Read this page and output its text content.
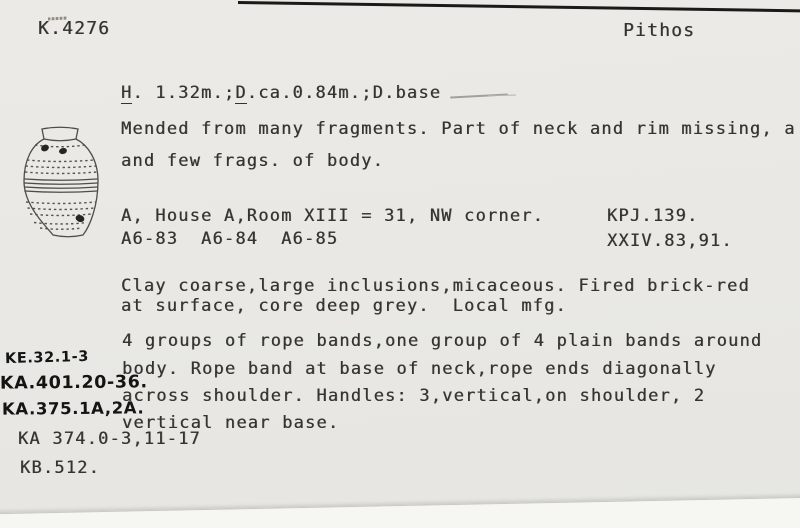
K.4276	Pithos
H. 1.32m.;D.ca.0.84m.;D.base
Mended from many fragments. Part of neck and rim missing, a
and few frags. of body.
A, House A,Room XIII = 31, NW corner.
A6-83  A6-84  A6-85
KPJ.139.
XXIV.83,91.
Clay coarse,large inclusions,micaceous. Fired brick-red
at surface, core deep grey.  Local mfg.
4 groups of rope bands,one group of 4 plain bands around
body. Rope band at base of neck,rope ends diagonally
across shoulder. Handles: 3,vertical,on shoulder, 2
vertical near base.
KE.32.1-3
KA.401.20-36.
KA.375.1A,2A.
KA 374.0-3,11-17
KB.512.
